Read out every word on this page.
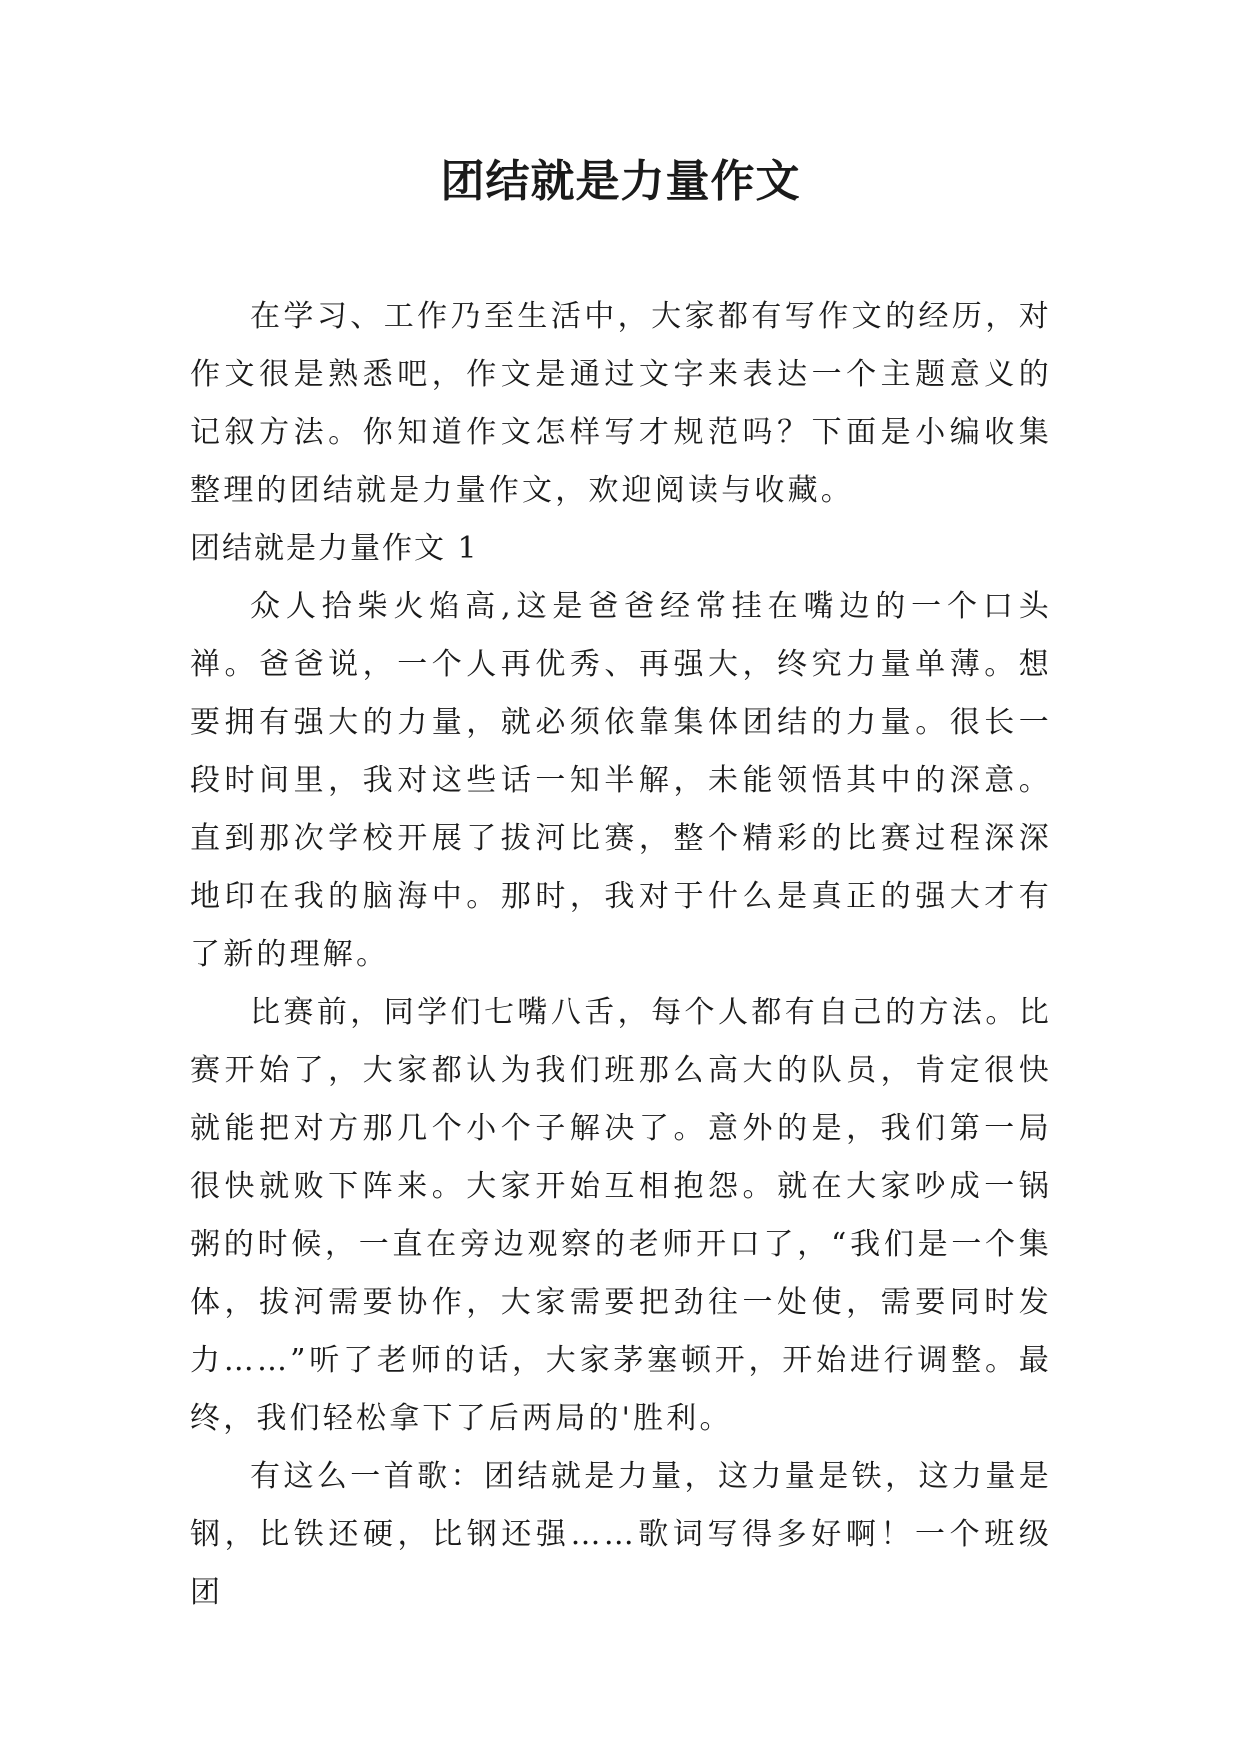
团结就是力量作文

在学习、工作乃至生活中，大家都有写作文的经历，对作文很是熟悉吧，作文是通过文字来表达一个主题意义的记叙方法。你知道作文怎样写才规范吗？下面是小编收集整理的团结就是力量作文，欢迎阅读与收藏。

团结就是力量作文 1

众人拾柴火焰高,这是爸爸经常挂在嘴边的一个口头禅。爸爸说，一个人再优秀、再强大，终究力量单薄。想要拥有强大的力量，就必须依靠集体团结的力量。很长一段时间里，我对这些话一知半解，未能领悟其中的深意。直到那次学校开展了拔河比赛，整个精彩的比赛过程深深地印在我的脑海中。那时，我对于什么是真正的强大才有了新的理解。

比赛前，同学们七嘴八舌，每个人都有自己的方法。比赛开始了，大家都认为我们班那么高大的队员，肯定很快就能把对方那几个小个子解决了。意外的是，我们第一局很快就败下阵来。大家开始互相抱怨。就在大家吵成一锅粥的时候，一直在旁边观察的老师开口了，“我们是一个集体，拔河需要协作，大家需要把劲往一处使，需要同时发力……”听了老师的话，大家茅塞顿开，开始进行调整。最终，我们轻松拿下了后两局的'胜利。

有这么一首歌：团结就是力量，这力量是铁，这力量是钢，比铁还硬，比钢还强……歌词写得多好啊！一个班级团
